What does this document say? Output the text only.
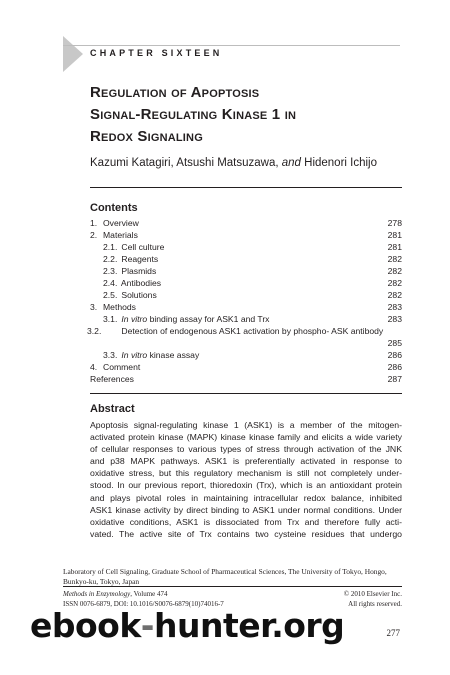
CHAPTER SIXTEEN
Regulation of Apoptosis
Signal-Regulating Kinase 1 in
Redox Signaling
Kazumi Katagiri, Atsushi Matsuzawa, and Hidenori Ichijo
Contents
1. Overview	278
2. Materials	281
2.1. Cell culture	281
2.2. Reagents	282
2.3. Plasmids	282
2.4. Antibodies	282
2.5. Solutions	282
3. Methods	283
3.1. In vitro binding assay for ASK1 and Trx	283
3.2. Detection of endogenous ASK1 activation by phospho- ASK antibody
285
3.3. In vitro kinase assay	286
4. Comment	286
References	287
Abstract
Apoptosis signal-regulating kinase 1 (ASK1) is a member of the mitogen-
activated protein kinase (MAPK) kinase kinase family and elicits a wide variety
of cellular responses to various types of stress through activation of the JNK
and p38 MAPK pathways. ASK1 is preferentially activated in response to
oxidative stress, but this regulatory mechanism is still not completely under-
stood. In our previous report, thioredoxin (Trx), which is an antioxidant protein
and plays pivotal roles in maintaining intracellular redox balance, inhibited
ASK1 kinase activity by direct binding to ASK1 under normal conditions. Under
oxidative conditions, ASK1 is dissociated from Trx and therefore fully acti-
vated. The active site of Trx contains two cysteine residues that undergo
Laboratory of Cell Signaling, Graduate School of Pharmaceutical Sciences, The University of Tokyo, Hongo, Bunkyo-ku, Tokyo, Japan
Methods in Enzymology, Volume 474	© 2010 Elsevier Inc.
ISSN 0076-6879, DOI: 10.1016/S0076-6879(10)74016-7	All rights reserved.
277
ebook-hunter.org
